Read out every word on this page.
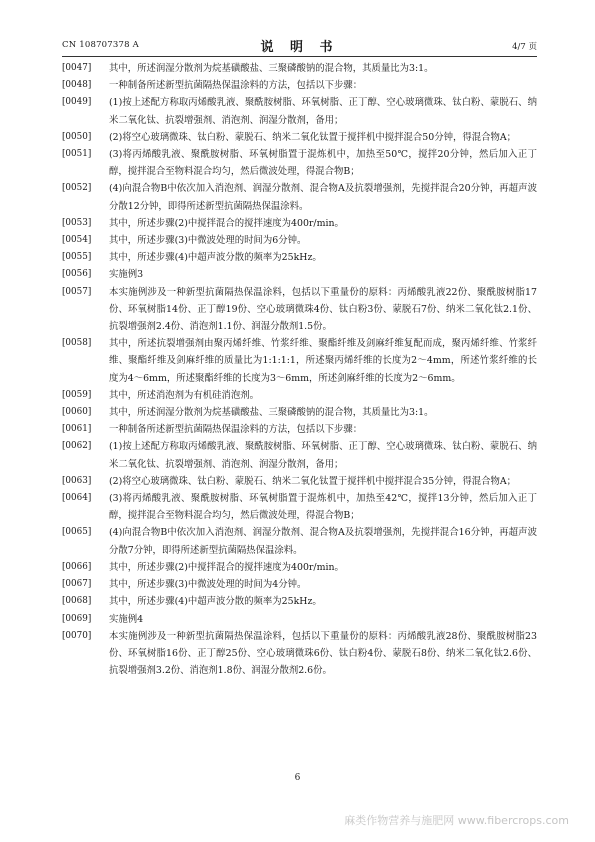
CN 108707378 A	说 明 书	4/7 页
[0047] 其中，所述润湿分散剂为烷基磺酸盐、三聚磷酸钠的混合物，其质量比为3:1。
[0048] 一种制备所述新型抗菌隔热保温涂料的方法，包括以下步骤：
[0049] (1)按上述配方称取丙烯酸乳液、聚酰胺树脂、环氧树脂、正丁醇、空心玻璃微珠、钛白粉、蒙脱石、纳米二氧化钛、抗裂增强剂、消泡剂、润湿分散剂，备用；
[0050] (2)将空心玻璃微珠、钛白粉、蒙脱石、纳米二氧化钛置于搅拌机中搅拌混合50分钟，得混合物A；
[0051] (3)将丙烯酸乳液、聚酰胺树脂、环氧树脂置于混炼机中，加热至50℃，搅拌20分钟，然后加入正丁醇，搅拌混合至物料混合均匀，然后微波处理，得混合物B；
[0052] (4)向混合物B中依次加入消泡剂、润湿分散剂、混合物A及抗裂增强剂，先搅拌混合20分钟，再超声波分散12分钟，即得所述新型抗菌隔热保温涂料。
[0053] 其中，所述步骤(2)中搅拌混合的搅拌速度为400r/min。
[0054] 其中，所述步骤(3)中微波处理的时间为6分钟。
[0055] 其中，所述步骤(4)中超声波分散的频率为25kHz。
[0056] 实施例3
[0057] 本实施例涉及一种新型抗菌隔热保温涂料，包括以下重量份的原料：丙烯酸乳液22份、聚酰胺树脂17份、环氧树脂14份、正丁醇19份、空心玻璃微珠4份、钛白粉3份、蒙脱石7份、纳米二氧化钛2.1份、抗裂增强剂2.4份、消泡剂1.1份、润湿分散剂1.5份。
[0058] 其中，所述抗裂增强剂由聚丙烯纤维、竹浆纤维、聚酯纤维及剑麻纤维复配而成，聚丙烯纤维、竹浆纤维、聚酯纤维及剑麻纤维的质量比为1:1:1:1，所述聚丙烯纤维的长度为2～4mm，所述竹浆纤维的长度为4～6mm，所述聚酯纤维的长度为3～6mm，所述剑麻纤维的长度为2～6mm。
[0059] 其中，所述消泡剂为有机硅消泡剂。
[0060] 其中，所述润湿分散剂为烷基磺酸盐、三聚磷酸钠的混合物，其质量比为3:1。
[0061] 一种制备所述新型抗菌隔热保温涂料的方法，包括以下步骤：
[0062] (1)按上述配方称取丙烯酸乳液、聚酰胺树脂、环氧树脂、正丁醇、空心玻璃微珠、钛白粉、蒙脱石、纳米二氧化钛、抗裂增强剂、消泡剂、润湿分散剂，备用；
[0063] (2)将空心玻璃微珠、钛白粉、蒙脱石、纳米二氧化钛置于搅拌机中搅拌混合35分钟，得混合物A；
[0064] (3)将丙烯酸乳液、聚酰胺树脂、环氧树脂置于混炼机中，加热至42℃，搅拌13分钟，然后加入正丁醇，搅拌混合至物料混合均匀，然后微波处理，得混合物B；
[0065] (4)向混合物B中依次加入消泡剂、润湿分散剂、混合物A及抗裂增强剂，先搅拌混合16分钟，再超声波分散7分钟，即得所述新型抗菌隔热保温涂料。
[0066] 其中，所述步骤(2)中搅拌混合的搅拌速度为400r/min。
[0067] 其中，所述步骤(3)中微波处理的时间为4分钟。
[0068] 其中，所述步骤(4)中超声波分散的频率为25kHz。
[0069] 实施例4
[0070] 本实施例涉及一种新型抗菌隔热保温涂料，包括以下重量份的原料：丙烯酸乳液28份、聚酰胺树脂23份、环氧树脂16份、正丁醇25份、空心玻璃微珠6份、钛白粉4份、蒙脱石8份、纳米二氧化钛2.6份、抗裂增强剂3.2份、消泡剂1.8份、润湿分散剂2.6份。
6
麻类作物营养与施肥网 www.fibercrops.com
